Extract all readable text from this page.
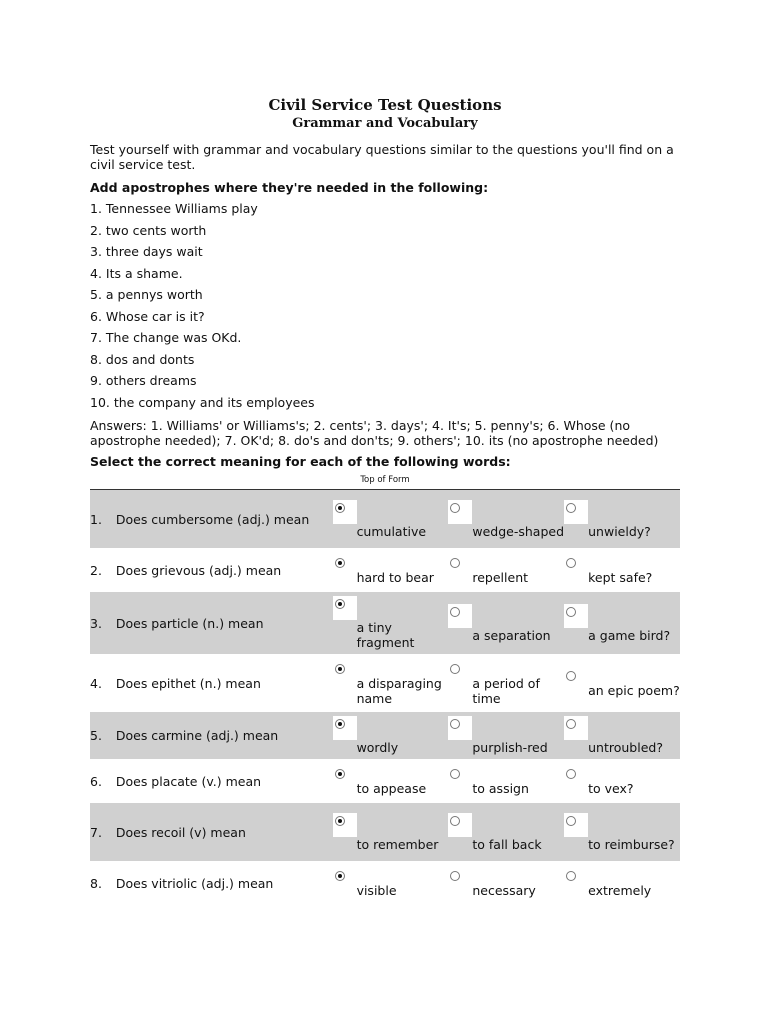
Civil Service Test Questions
Grammar and Vocabulary

Test yourself with grammar and vocabulary questions similar to the questions you'll find on a civil service test.

Add apostrophes where they're needed in the following:

1. Tennessee Williams play
2. two cents worth
3. three days wait
4. Its a shame.
5. a pennys worth
6. Whose car is it?
7. The change was OKd.
8. dos and donts
9. others dreams
10. the company and its employees

Answers: 1. Williams' or Williams's; 2. cents'; 3. days'; 4. It's; 5. penny's; 6. Whose (no apostrophe needed); 7. OK'd; 8. do's and don'ts; 9. others'; 10. its (no apostrophe needed)

Select the correct meaning for each of the following words:

Top of Form
1.	Does cumbersome (adj.) mean	cumulative	wedge-shaped	unwieldy?

2.	Does grievous (adj.) mean	hard to bear	repellent	kept safe?

3.	Does particle (n.) mean	a tiny fragment	a separation	a game bird?

4.	Does epithet (n.) mean	a disparaging name	a period of time	an epic poem?

5.	Does carmine (adj.) mean	wordly	purplish-red	untroubled?

6.	Does placate (v.) mean	to appease	to assign	to vex?

7.	Does recoil (v) mean	to remember	to fall back	to reimburse?

8.	Does vitriolic (adj.) mean	visible	necessary	extremely
